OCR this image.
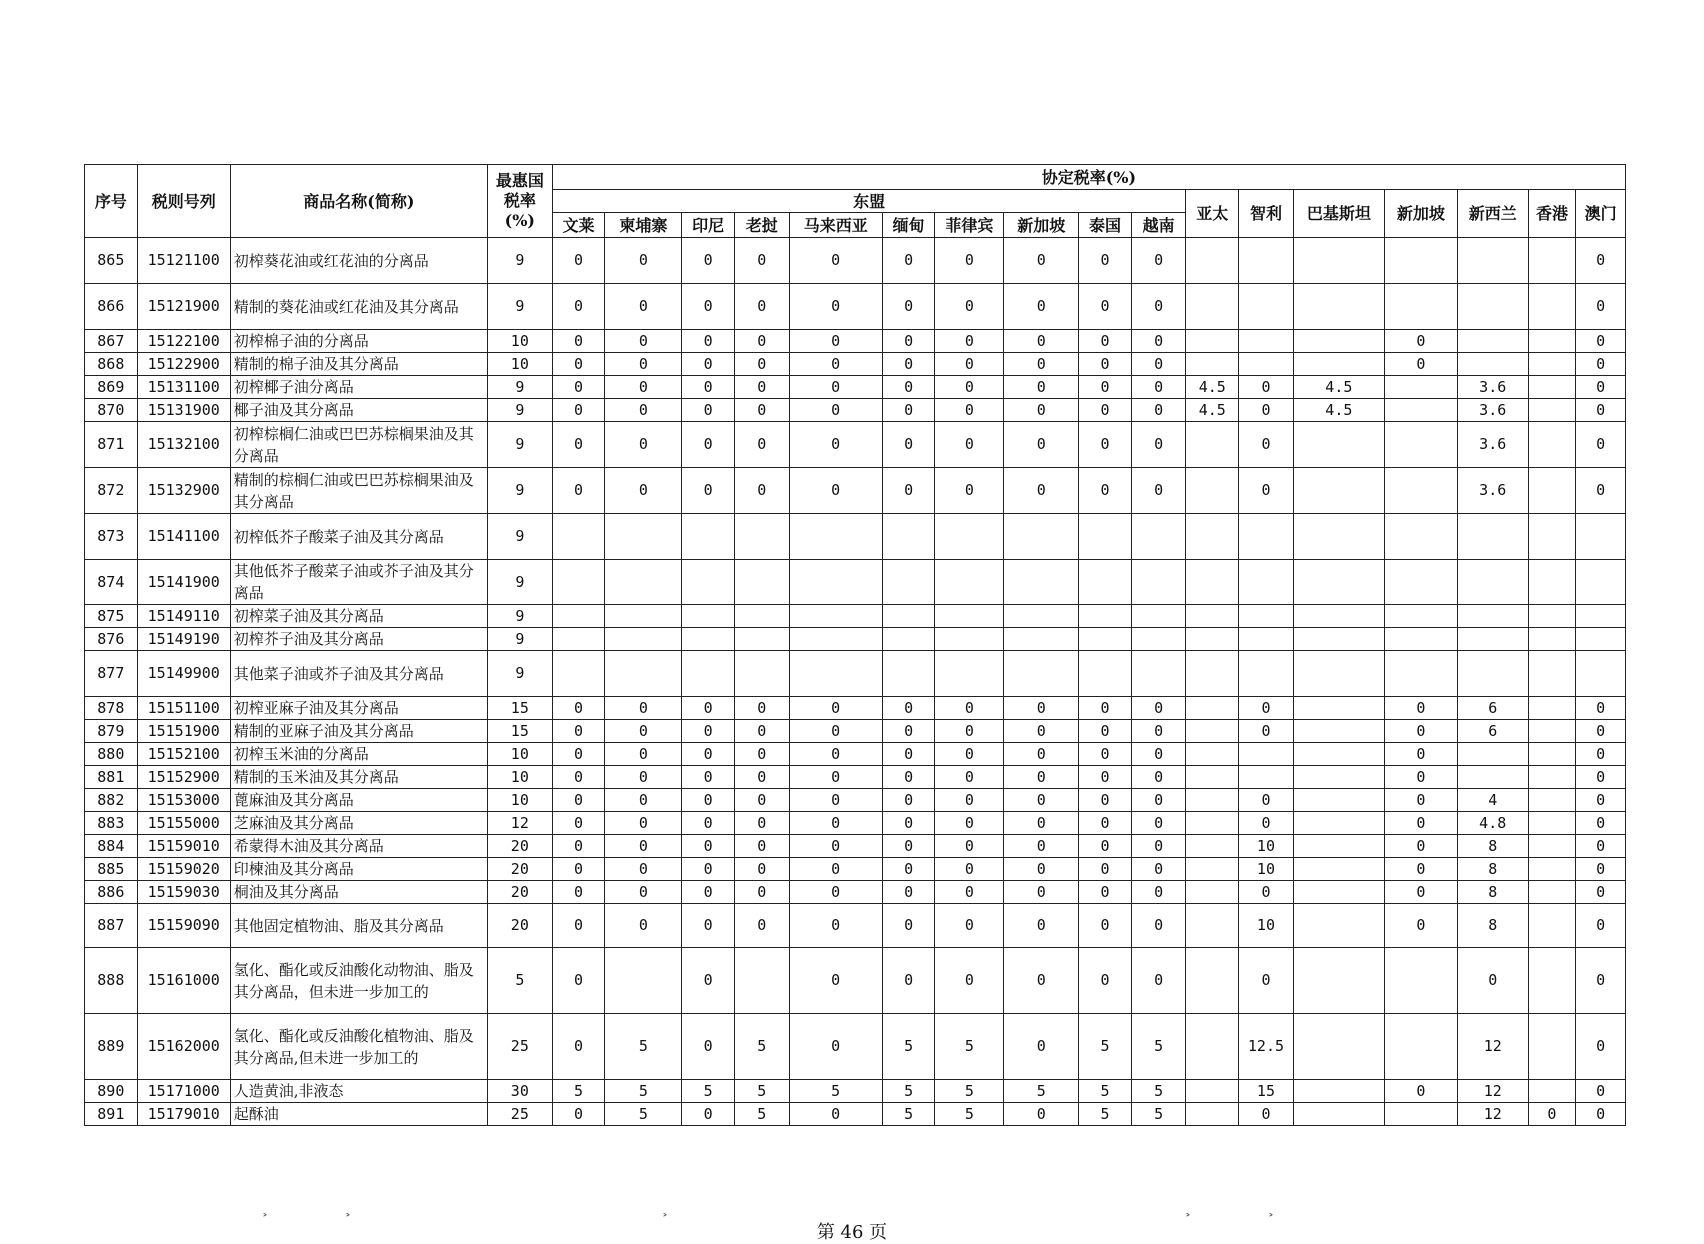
序号	税则号列	商品名称(简称)	最惠国税率(%)	协定税率(%)																
				东盟										亚太	智利	巴基斯坦	新加坡	新西兰	香港	澳门
				文莱	柬埔寨	印尼	老挝	马来西亚	缅甸	菲律宾	新加坡	泰国	越南							
865	15121100	初榨葵花油或红花油的分离品	9	0	0	0	0	0	0	0	0	0	0							0
866	15121900	精制的葵花油或红花油及其分离品	9	0	0	0	0	0	0	0	0	0	0							0
867	15122100	初榨棉子油的分离品	10	0	0	0	0	0	0	0	0	0	0				0			0
868	15122900	精制的棉子油及其分离品	10	0	0	0	0	0	0	0	0	0	0				0			0
869	15131100	初榨椰子油分离品	9	0	0	0	0	0	0	0	0	0	0	4.5	0	4.5		3.6		0
870	15131900	椰子油及其分离品	9	0	0	0	0	0	0	0	0	0	0	4.5	0	4.5		3.6		0
871	15132100	初榨棕榈仁油或巴巴苏棕榈果油及其分离品	9	0	0	0	0	0	0	0	0	0	0		0			3.6		0
872	15132900	精制的棕榈仁油或巴巴苏棕榈果油及其分离品	9	0	0	0	0	0	0	0	0	0	0		0			3.6		0
873	15141100	初榨低芥子酸菜子油及其分离品	9																	
874	15141900	其他低芥子酸菜子油或芥子油及其分离品	9																	
875	15149110	初榨菜子油及其分离品	9																	
876	15149190	初榨芥子油及其分离品	9																	
877	15149900	其他菜子油或芥子油及其分离品	9																	
878	15151100	初榨亚麻子油及其分离品	15	0	0	0	0	0	0	0	0	0	0		0		0	6		0
879	15151900	精制的亚麻子油及其分离品	15	0	0	0	0	0	0	0	0	0	0		0		0	6		0
880	15152100	初榨玉米油的分离品	10	0	0	0	0	0	0	0	0	0	0				0			0
881	15152900	精制的玉米油及其分离品	10	0	0	0	0	0	0	0	0	0	0				0			0
882	15153000	蓖麻油及其分离品	10	0	0	0	0	0	0	0	0	0	0		0		0	4		0
883	15155000	芝麻油及其分离品	12	0	0	0	0	0	0	0	0	0	0		0		0	4.8		0
884	15159010	希蒙得木油及其分离品	20	0	0	0	0	0	0	0	0	0	0		10		0	8		0
885	15159020	印楝油及其分离品	20	0	0	0	0	0	0	0	0	0	0		10		0	8		0
886	15159030	桐油及其分离品	20	0	0	0	0	0	0	0	0	0	0		0		0	8		0
887	15159090	其他固定植物油、脂及其分离品	20	0	0	0	0	0	0	0	0	0	0		10		0	8		0
888	15161000	氢化、酯化或反油酸化动物油、脂及其分离品，但未进一步加工的	5	0		0		0	0	0	0	0	0		0			0		0
889	15162000	氢化、酯化或反油酸化植物油、脂及其分离品,但未进一步加工的	25	0	5	0	5	0	5	5	0	5	5		12.5			12		0
890	15171000	人造黄油,非液态	30	5	5	5	5	5	5	5	5	5	5		15		0	12		0
891	15179010	起酥油	25	0	5	0	5	0	5	5	0	5	5		0			12	0	0
˃	˃	˃	˃	˃
第 46 页
